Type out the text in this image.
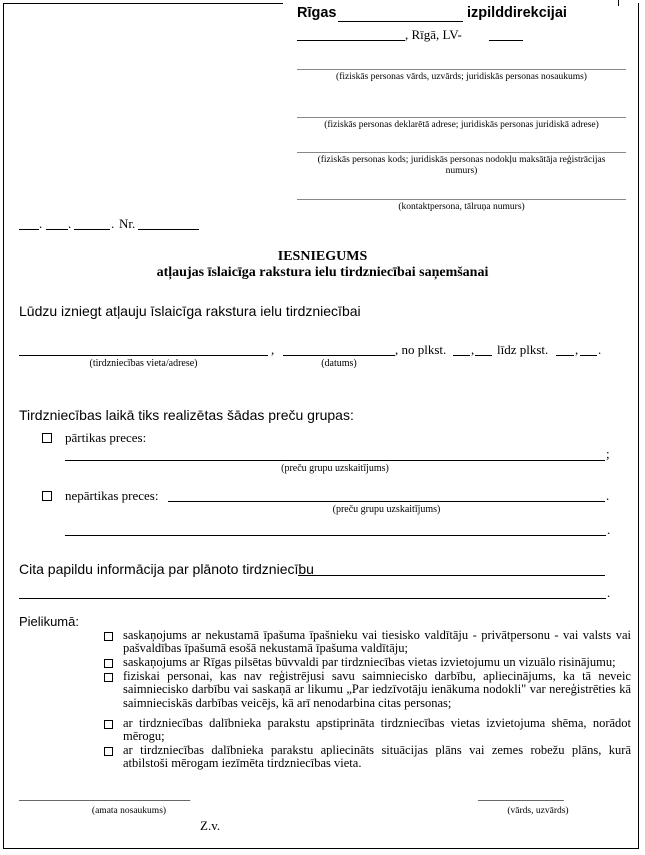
Rīgas	izpilddirekcijai
, Rīgā, LV-
(fiziskās personas vārds, uzvārds; juridiskās personas nosaukums)
(fiziskās personas deklarētā adrese; juridiskās personas juridiskā adrese)
(fiziskās personas kods; juridiskās personas nodokļu maksātāja reģistrācijas
numurs)
(kontaktpersona, tālruņa numurs)
. .	. Nr.
IESNIEGUMS
atļaujas īslaicīga rakstura ielu tirdzniecībai saņemšanai
Lūdzu izniegt atļauju īslaicīga rakstura ielu tirdzniecībai
,	, no plkst. , līdz plkst. , .
(tirdzniecības vieta/adrese)	(datums)
Tirdzniecības laikā tiks realizētas šādas preču grupas:
pārtikas preces:
;
(preču grupu uzskaitījums)
nepārtikas preces:	.
(preču grupu uzskaitījums)
.
Cita papildu informācija par plānoto tirdzniecību
.
Pielikumā:
saskaņojums ar nekustamā īpašuma īpašnieku vai tiesisko valdītāju - privātpersonu - vai valsts vai pašvaldības īpašumā esošā nekustamā īpašuma valdītāju;
saskaņojums ar Rīgas pilsētas būvvaldi par tirdzniecības vietas izvietojumu un vizuālo risinājumu;
fiziskai personai, kas nav reģistrējusi savu saimniecisko darbību, apliecinājums, ka tā neveic saimniecisko darbību vai saskaņā ar likumu „Par iedzīvotāju ienākuma nodokli" var nereģistrēties kā saimnieciskās darbības veicējs, kā arī nenodarbina citas personas;
ar tirdzniecības dalībnieka parakstu apstiprināta tirdzniecības vietas izvietojuma shēma, norādot mērogu;
ar tirdzniecības dalībnieka parakstu apliecināts situācijas plāns vai zemes robežu plāns, kurā atbilstoši mērogam iezīmēta tirdzniecības vieta.
______________________________
(amata nosaukums)
_______________
(vārds, uzvārds)
Z.v.
